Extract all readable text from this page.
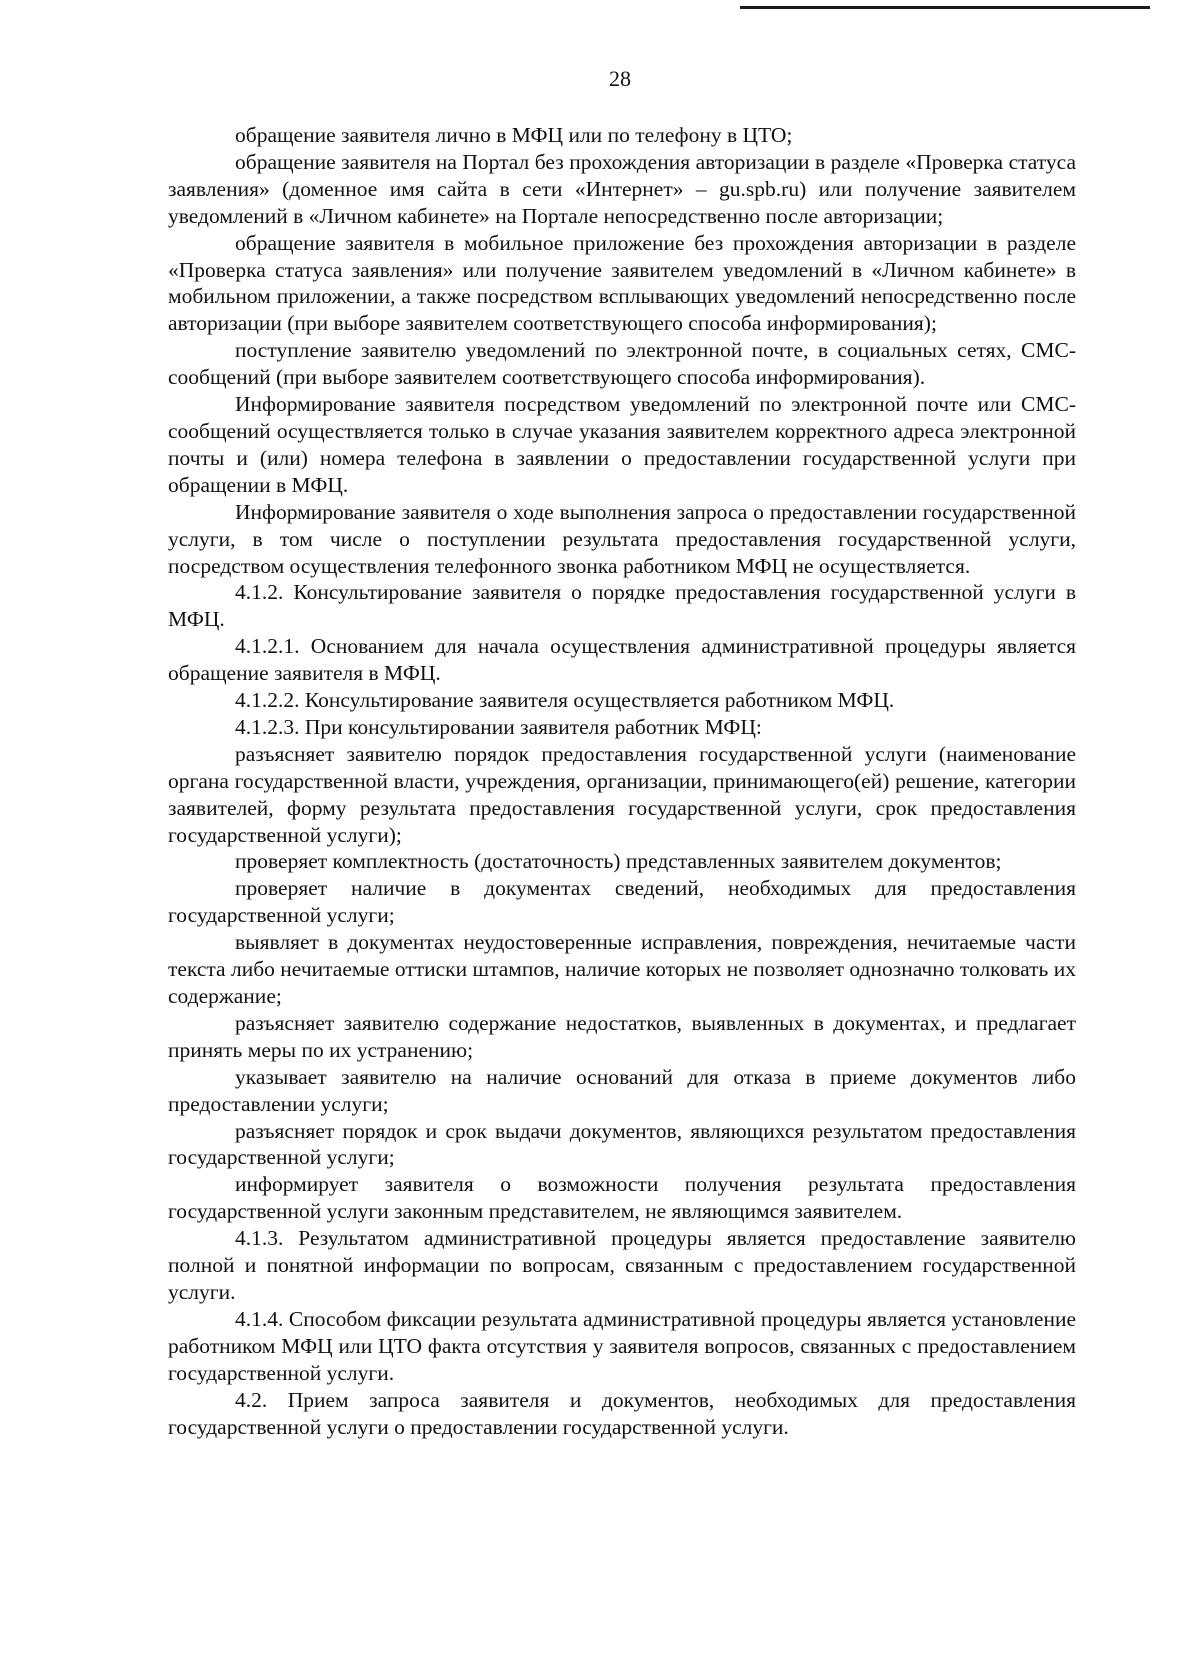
28

обращение заявителя лично в МФЦ или по телефону в ЦТО;

обращение заявителя на Портал без прохождения авторизации в разделе «Проверка статуса заявления» (доменное имя сайта в сети «Интернет» – gu.spb.ru) или получение заявителем уведомлений в «Личном кабинете» на Портале непосредственно после авторизации;

обращение заявителя в мобильное приложение без прохождения авторизации в разделе «Проверка статуса заявления» или получение заявителем уведомлений в «Личном кабинете» в мобильном приложении, а также посредством всплывающих уведомлений непосредственно после авторизации (при выборе заявителем соответствующего способа информирования);

поступление заявителю уведомлений по электронной почте, в социальных сетях, СМС-сообщений (при выборе заявителем соответствующего способа информирования).

Информирование заявителя посредством уведомлений по электронной почте или СМС-сообщений осуществляется только в случае указания заявителем корректного адреса электронной почты и (или) номера телефона в заявлении о предоставлении государственной услуги при обращении в МФЦ.

Информирование заявителя о ходе выполнения запроса о предоставлении государственной услуги, в том числе о поступлении результата предоставления государственной услуги, посредством осуществления телефонного звонка работником МФЦ не осуществляется.

4.1.2. Консультирование заявителя о порядке предоставления государственной услуги в МФЦ.

4.1.2.1. Основанием для начала осуществления административной процедуры является обращение заявителя в МФЦ.

4.1.2.2. Консультирование заявителя осуществляется работником МФЦ.

4.1.2.3. При консультировании заявителя работник МФЦ:

разъясняет заявителю порядок предоставления государственной услуги (наименование органа государственной власти, учреждения, организации, принимающего(ей) решение, категории заявителей, форму результата предоставления государственной услуги, срок предоставления государственной услуги);

проверяет комплектность (достаточность) представленных заявителем документов;

проверяет наличие в документах сведений, необходимых для предоставления государственной услуги;

выявляет в документах неудостоверенные исправления, повреждения, нечитаемые части текста либо нечитаемые оттиски штампов, наличие которых не позволяет однозначно толковать их содержание;

разъясняет заявителю содержание недостатков, выявленных в документах, и предлагает принять меры по их устранению;

указывает заявителю на наличие оснований для отказа в приеме документов либо предоставлении услуги;

разъясняет порядок и срок выдачи документов, являющихся результатом предоставления государственной услуги;

информирует заявителя о возможности получения результата предоставления государственной услуги законным представителем, не являющимся заявителем.

4.1.3. Результатом административной процедуры является предоставление заявителю полной и понятной информации по вопросам, связанным с предоставлением государственной услуги.

4.1.4. Способом фиксации результата административной процедуры является установление работником МФЦ или ЦТО факта отсутствия у заявителя вопросов, связанных с предоставлением государственной услуги.

4.2. Прием запроса заявителя и документов, необходимых для предоставления государственной услуги о предоставлении государственной услуги.
